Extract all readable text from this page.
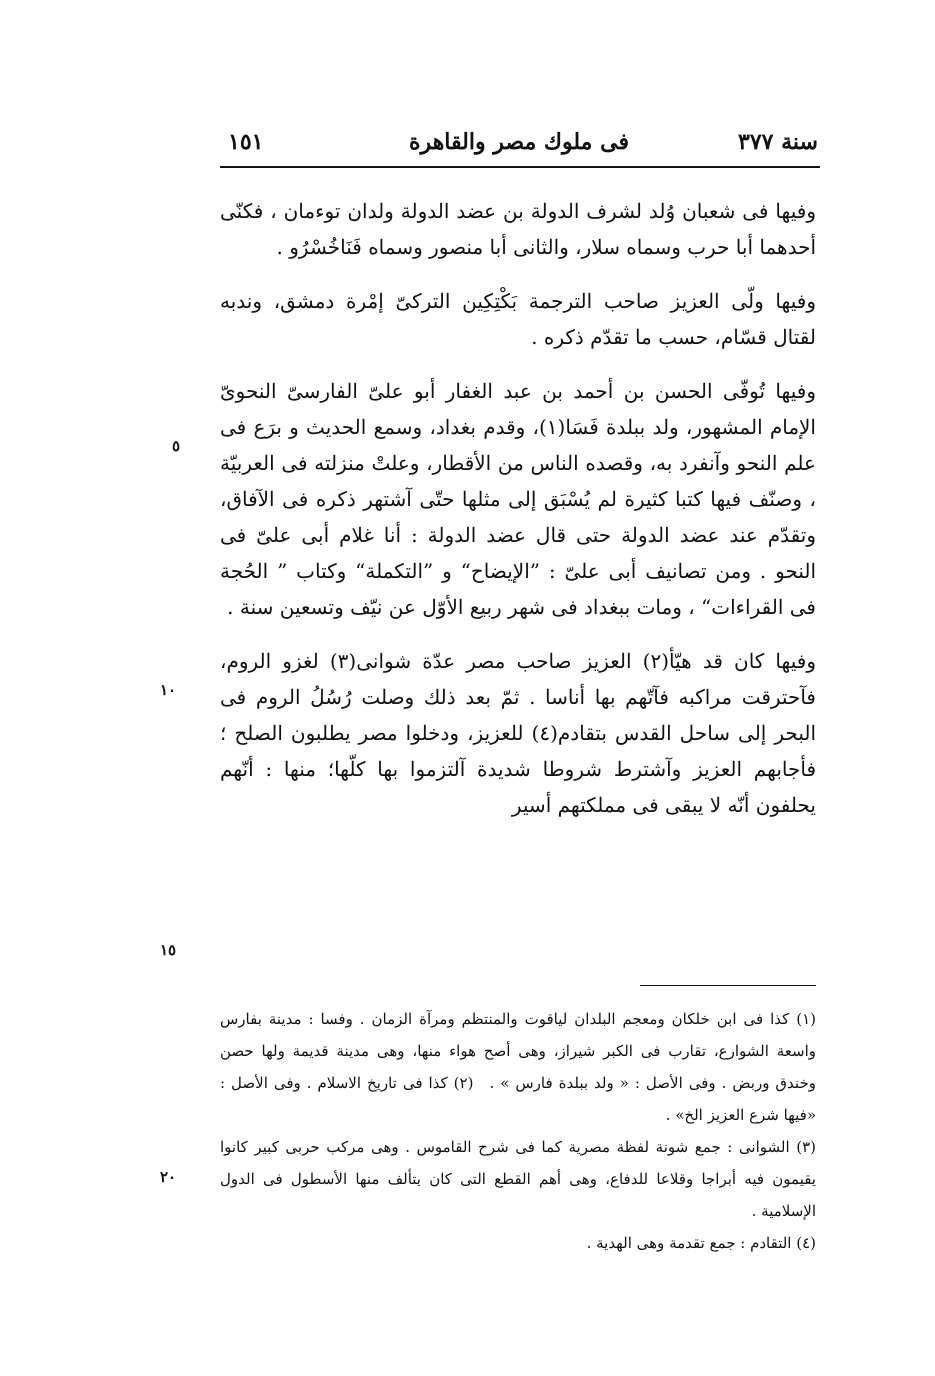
سنة ٣٧٧
فى ملوك مصر والقاهرة
١٥١

وفيها فى شعبان وُلد لشرف الدولة بن عضد الدولة ولدان توءمان ، فكنّى أحدهما أبا حرب وسماه سلار، والثانى أبا منصور وسماه فَنَاخُسْرُو .

وفيها ولّى العزيز صاحب الترجمة بَكْتِكِين التركىّ إمْرة دمشق، وندبه لقتال قسّام، حسب ما تقدّم ذكره .

وفيها تُوفّى الحسن بن أحمد بن عبد الغفار أبو علىّ الفارسىّ النحوىّ الإمام المشهور، ولد ببلدة فَسَا(١)، وقدم بغداد، وسمع الحديث و برَع فى علم النحو وآنفرد به، وقصده الناس من الأقطار، وعلتْ منزلته فى العربيّة ، وصنّف فيها كتبا كثيرة لم يُسْبَق إلى مثلها حتّى آشتهر ذكره فى الآفاق، وتقدّم عند عضد الدولة حتى قال عضد الدولة : أنا غلام أبى علىّ فى النحو . ومن تصانيف أبى علىّ : ”الإيضاح“ و ”التكملة“ وكتاب ” الحُجة فى القراءات“ ، ومات ببغداد فى شهر ربيع الأوّل عن نيّف وتسعين سنة .

وفيها كان قد هيّأ(٢) العزيز صاحب مصر عدّة شوانى(٣) لغزو الروم، فآحترقت مراكبه فآتّهم بها أناسا . ثمّ بعد ذلك وصلت رُسُلُ الروم فى البحر إلى ساحل القدس بتقادم(٤) للعزيز، ودخلوا مصر يطلبون الصلح ؛ فأجابهم العزيز وآشترط شروطا شديدة آلتزموا بها كلّها؛ منها : أنّهم يحلفون أنّه لا يبقى فى مملكتهم أسير

٥
١٠
١٥
٢٠

(١) كذا فى ابن خلكان ومعجم البلدان لياقوت والمنتظم ومرآة الزمان . وفسا : مدينة بفارس واسعة الشوارع، تقارب فى الكبر شيراز، وهى أصح هواء منها، وهى مدينة قديمة ولها حصن وخندق وربض . وفى الأصل : « ولد ببلدة فارس » . (٢) كذا فى تاريخ الاسلام . وفى الأصل : «فيها شرع العزيز الخ» .

(٣) الشوانى : جمع شونة لفظة مصرية كما فى شرح القاموس . وهى مركب حربى كبير كانوا يقيمون فيه أبراجا وقلاعا للدفاع، وهى أهم القطع التى كان يتألف منها الأسطول فى الدول الإسلامية .

(٤) التقادم : جمع تقدمة وهى الهدية .
